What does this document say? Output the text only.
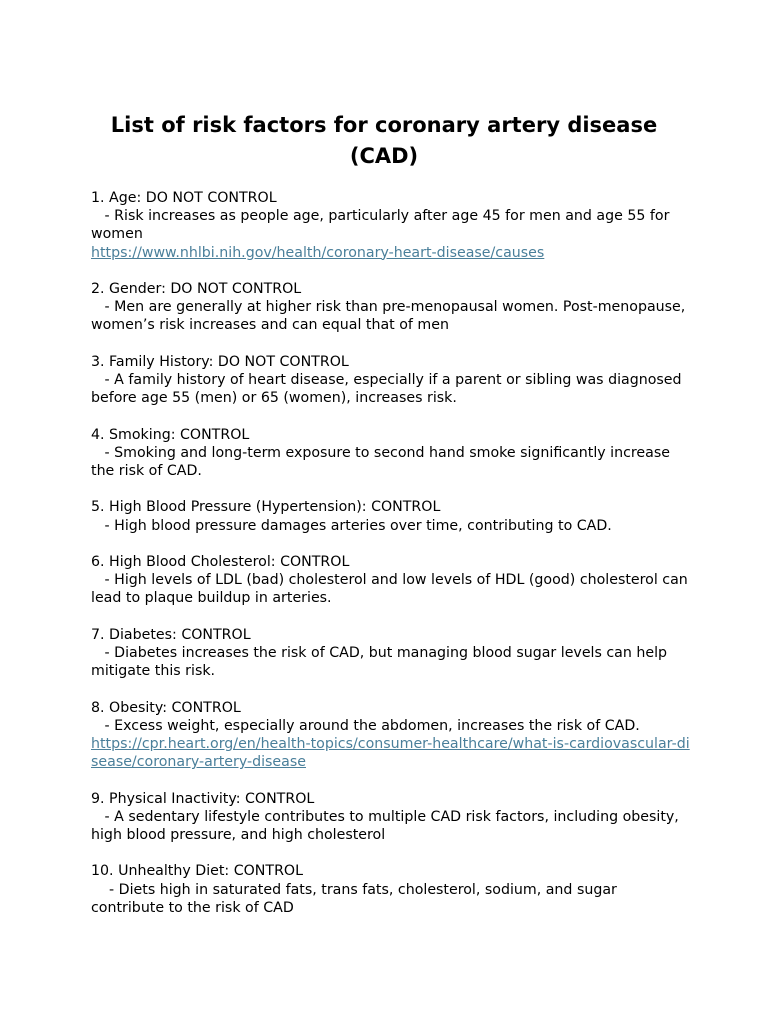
List of risk factors for coronary artery disease (CAD)
1. Age: DO NOT CONTROL
- Risk increases as people age, particularly after age 45 for men and age 55 for women
https://www.nhlbi.nih.gov/health/coronary-heart-disease/causes
2. Gender: DO NOT CONTROL
- Men are generally at higher risk than pre-menopausal women. Post-menopause, women’s risk increases and can equal that of men
3. Family History: DO NOT CONTROL
- A family history of heart disease, especially if a parent or sibling was diagnosed before age 55 (men) or 65 (women), increases risk.
4. Smoking: CONTROL
- Smoking and long-term exposure to second hand smoke significantly increase the risk of CAD.
5. High Blood Pressure (Hypertension): CONTROL
- High blood pressure damages arteries over time, contributing to CAD.
6. High Blood Cholesterol: CONTROL
- High levels of LDL (bad) cholesterol and low levels of HDL (good) cholesterol can lead to plaque buildup in arteries.
7. Diabetes: CONTROL
- Diabetes increases the risk of CAD, but managing blood sugar levels can help mitigate this risk.
8. Obesity: CONTROL
- Excess weight, especially around the abdomen, increases the risk of CAD.
https://cpr.heart.org/en/health-topics/consumer-healthcare/what-is-cardiovascular-disease/coronary-artery-disease
9. Physical Inactivity: CONTROL
- A sedentary lifestyle contributes to multiple CAD risk factors, including obesity, high blood pressure, and high cholesterol
10. Unhealthy Diet: CONTROL
- Diets high in saturated fats, trans fats, cholesterol, sodium, and sugar contribute to the risk of CAD
